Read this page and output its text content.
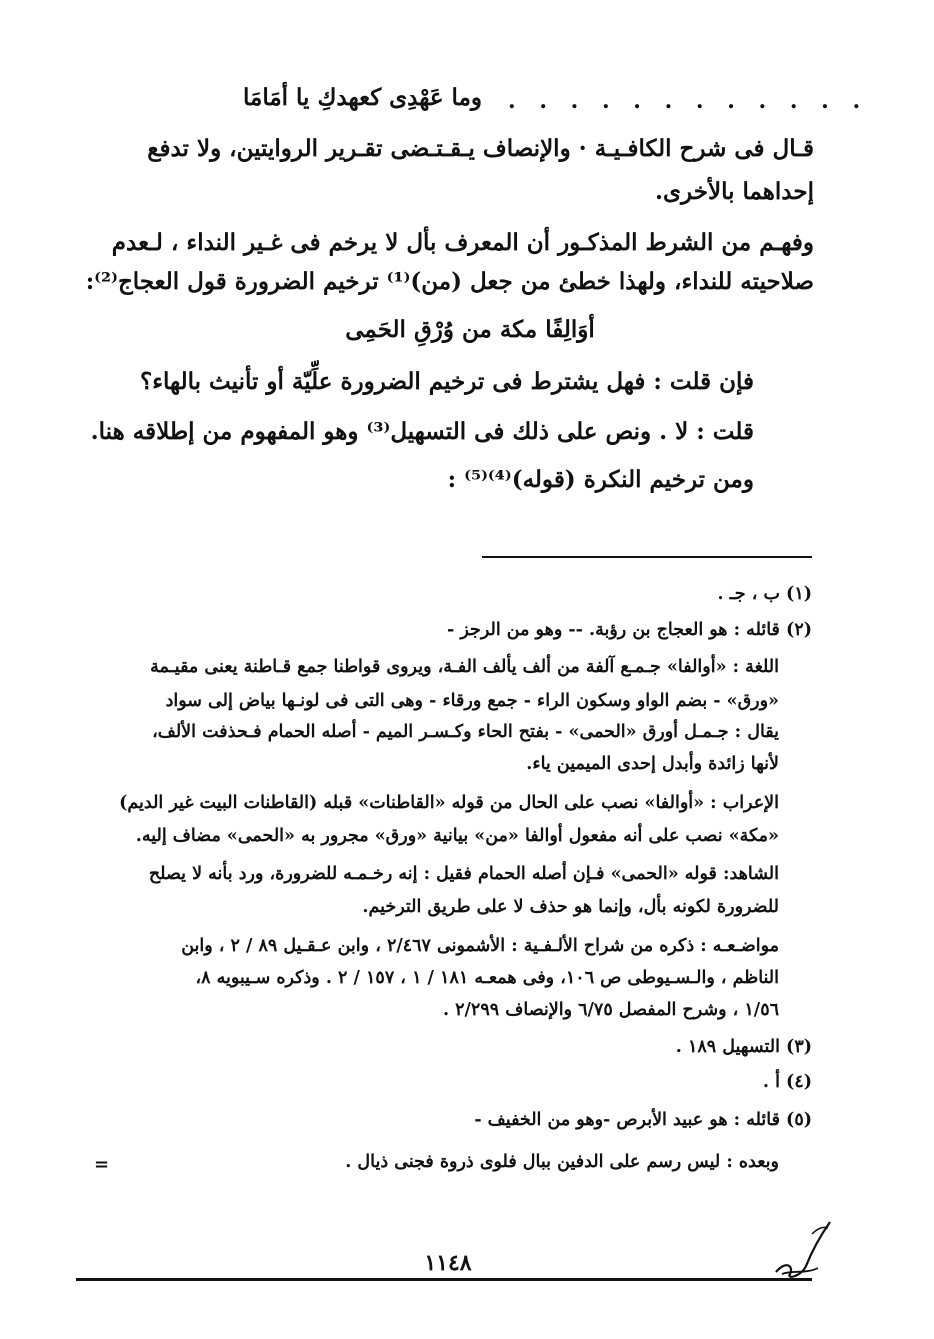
وما عَهْدِى كعهدكِ يا أمَامَا . . . . . . . . . . . .
قـال فى شرح الكافـيـة · والإنصاف يـقـتـضى تقـرير الروايتين، ولا تدفع
إحداهما بالأخرى.
وفهـم من الشرط المذكـور أن المعرف بأل لا يرخم فى غـير النداء ، لـعدم
صلاحيته للنداء، ولهذا خطئ من جعل (من)⁽¹⁾ ترخيم الضرورة قول العجاج⁽²⁾:
أوَالِفًا مكة من وُرْقِ الحَمِى
فإن قلت : فهل يشترط فى ترخيم الضرورة علِّيّة أو تأنيث بالهاء؟
قلت : لا . ونص على ذلك فى التسهيل⁽³⁾ وهو المفهوم من إطلاقه هنا.
ومن ترخيم النكرة (قوله)⁽⁴⁾⁽⁵⁾ :
(١) ب ، جـ .
(٢) قائله : هو العجاج بن رؤبة. -- وهو من الرجز -
اللغة : «أوالفا» جـمـع آلفة من ألف يألف الفـة، ويروى قواطنا جمع قـاطنة يعنى مقيـمة
«ورق» - بضم الواو وسكون الراء - جمع ورقاء - وهى التى فى لونـها بياض إلى سواد
يقال : جـمـل أورق «الحمى» - بفتح الحاء وكـسـر الميم - أصله الحمام فـحذفت الألف،
لأنها زائدة وأبدل إحدى الميمين ياء.
الإعراب : «أوالفا» نصب على الحال من قوله «القاطنات» قبله (القاطنات البيت غير الديم)
«مكة» نصب على أنه مفعول أوالفا «من» بيانية «ورق» مجرور به «الحمى» مضاف إليه.
الشاهد: قوله «الحمى» فـإن أصله الحمام فقيل : إنه رخـمـه للضرورة، ورد بأنه لا يصلح
للضرورة لكونه بأل، وإنما هو حذف لا على طريق الترخيم.
مواضـعـه : ذكره من شراح الألـفـية : الأشمونى ٢/٤٦٧ ، وابن عـقـيل ٨٩ / ٢ ، وابن
الناظم ، والـسـيوطى ص ١٠٦، وفى همعـه ١٨١ / ١ ، ١٥٧ / ٢ . وذكره سـيبويه ٨،
١/٥٦ ، وشرح المفصل ٦/٧٥ والإنصاف ٢/٢٩٩ .
(٣) التسهيل ١٨٩ .
(٤) أ .
(٥) قائله : هو عبيد الأبرص -وهو من الخفيف -
وبعده : ليس رسم على الدفين ببال فلوى ذروة فجنى ذيال .
=
١١٤٨
